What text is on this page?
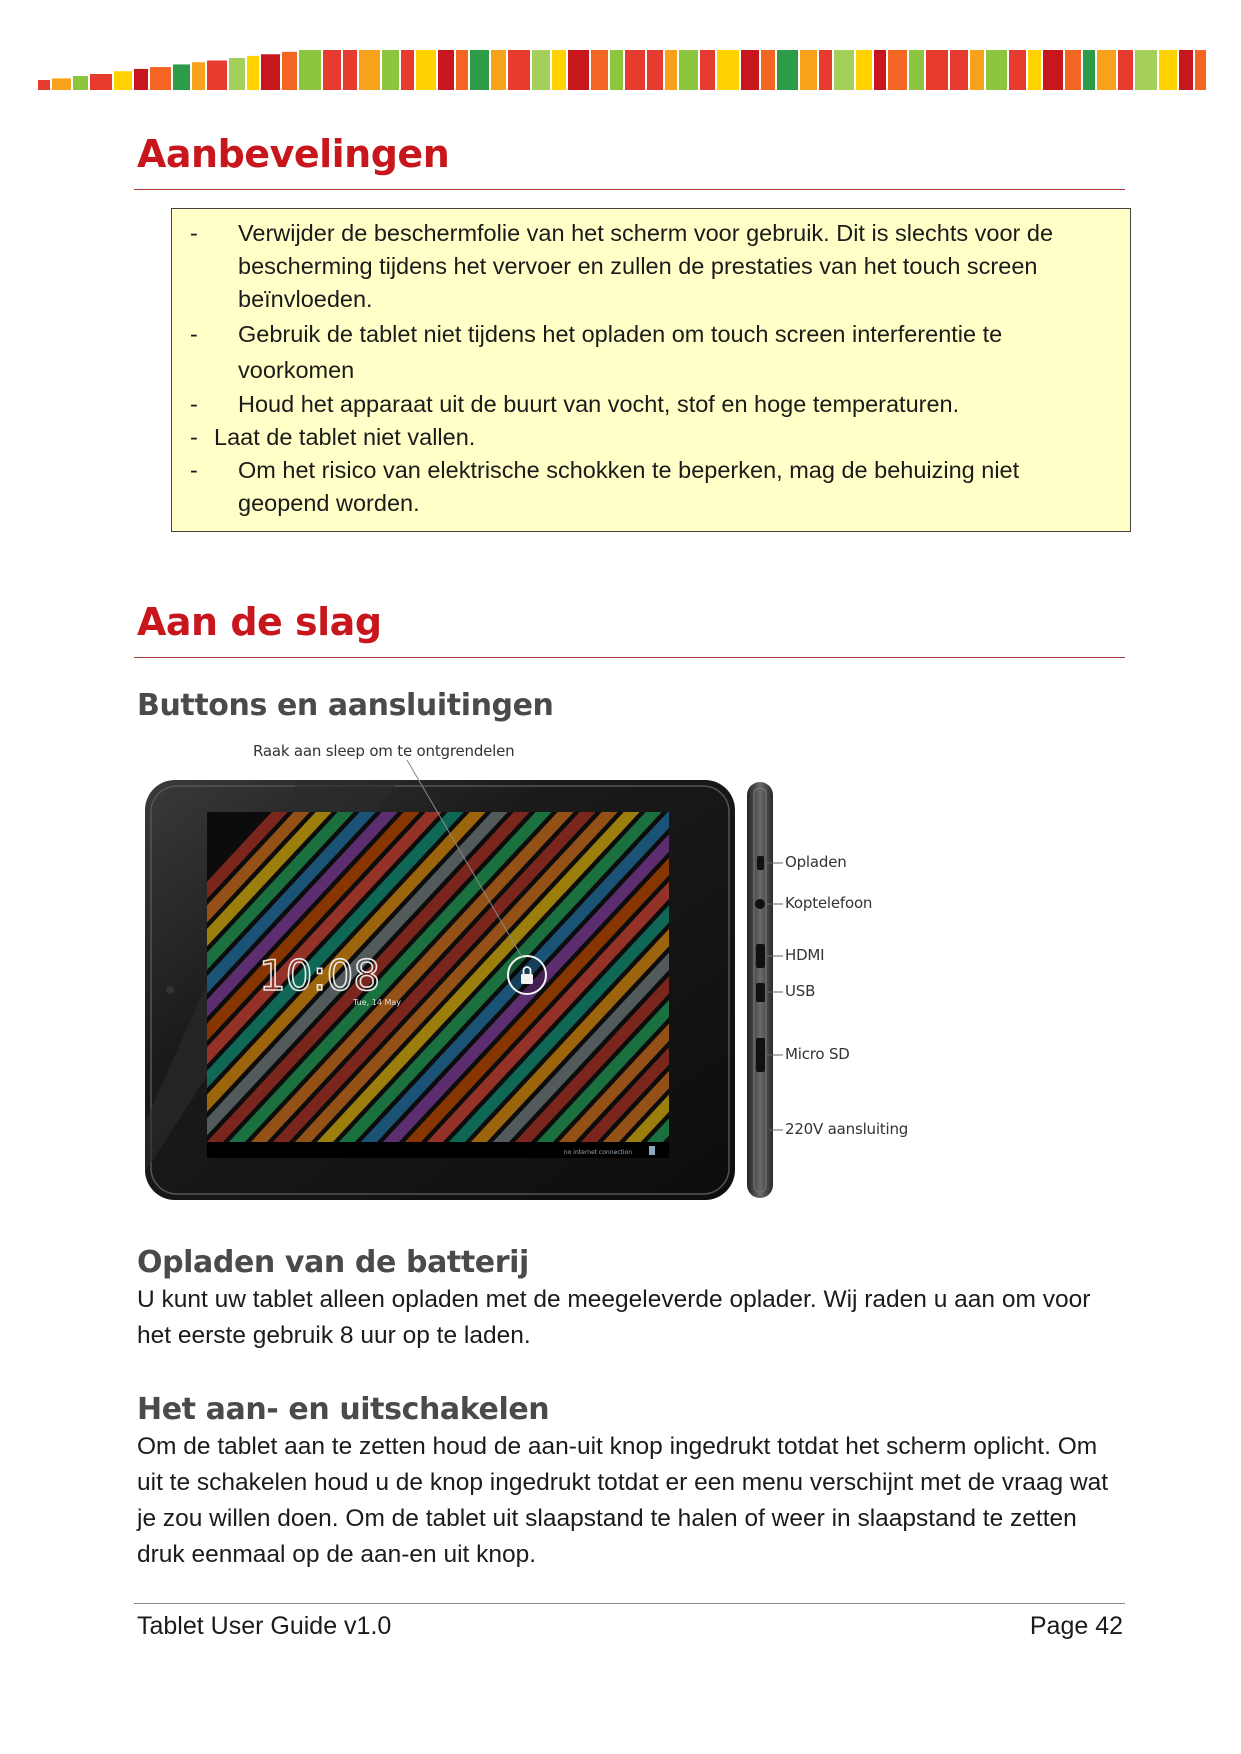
Aanbevelingen
- Verwijder de beschermfolie van het scherm voor gebruik. Dit is slechts voor de bescherming tijdens het vervoer en zullen de prestaties van het touch screen beïnvloeden.
- Gebruik de tablet niet tijdens het opladen om touch screen interferentie te voorkomen
- Houd het apparaat uit de buurt van vocht, stof en hoge temperaturen.
- Laat de tablet niet vallen.
- Om het risico van elektrische schokken te beperken, mag de behuizing niet geopend worden.
Aan de slag
Buttons en aansluitingen
no internet connection
10:08
Tue, 14 May
Raak aan sleep om te ontgrendelen
Opladen
Koptelefoon
HDMI
USB
Micro SD
220V aansluiting
Opladen van de batterij

U kunt uw tablet alleen opladen met de meegeleverde oplader. Wij raden u aan om voor het eerste gebruik 8 uur op te laden.

Het aan- en uitschakelen

Om de tablet aan te zetten houd de aan-uit knop ingedrukt totdat het scherm oplicht. Om uit te schakelen houd u de knop ingedrukt totdat er een menu verschijnt met de vraag wat je zou willen doen. Om de tablet uit slaapstand te halen of weer in slaapstand te zetten druk eenmaal op de aan-en uit knop.

Tablet User Guide v1.0	Page 42
